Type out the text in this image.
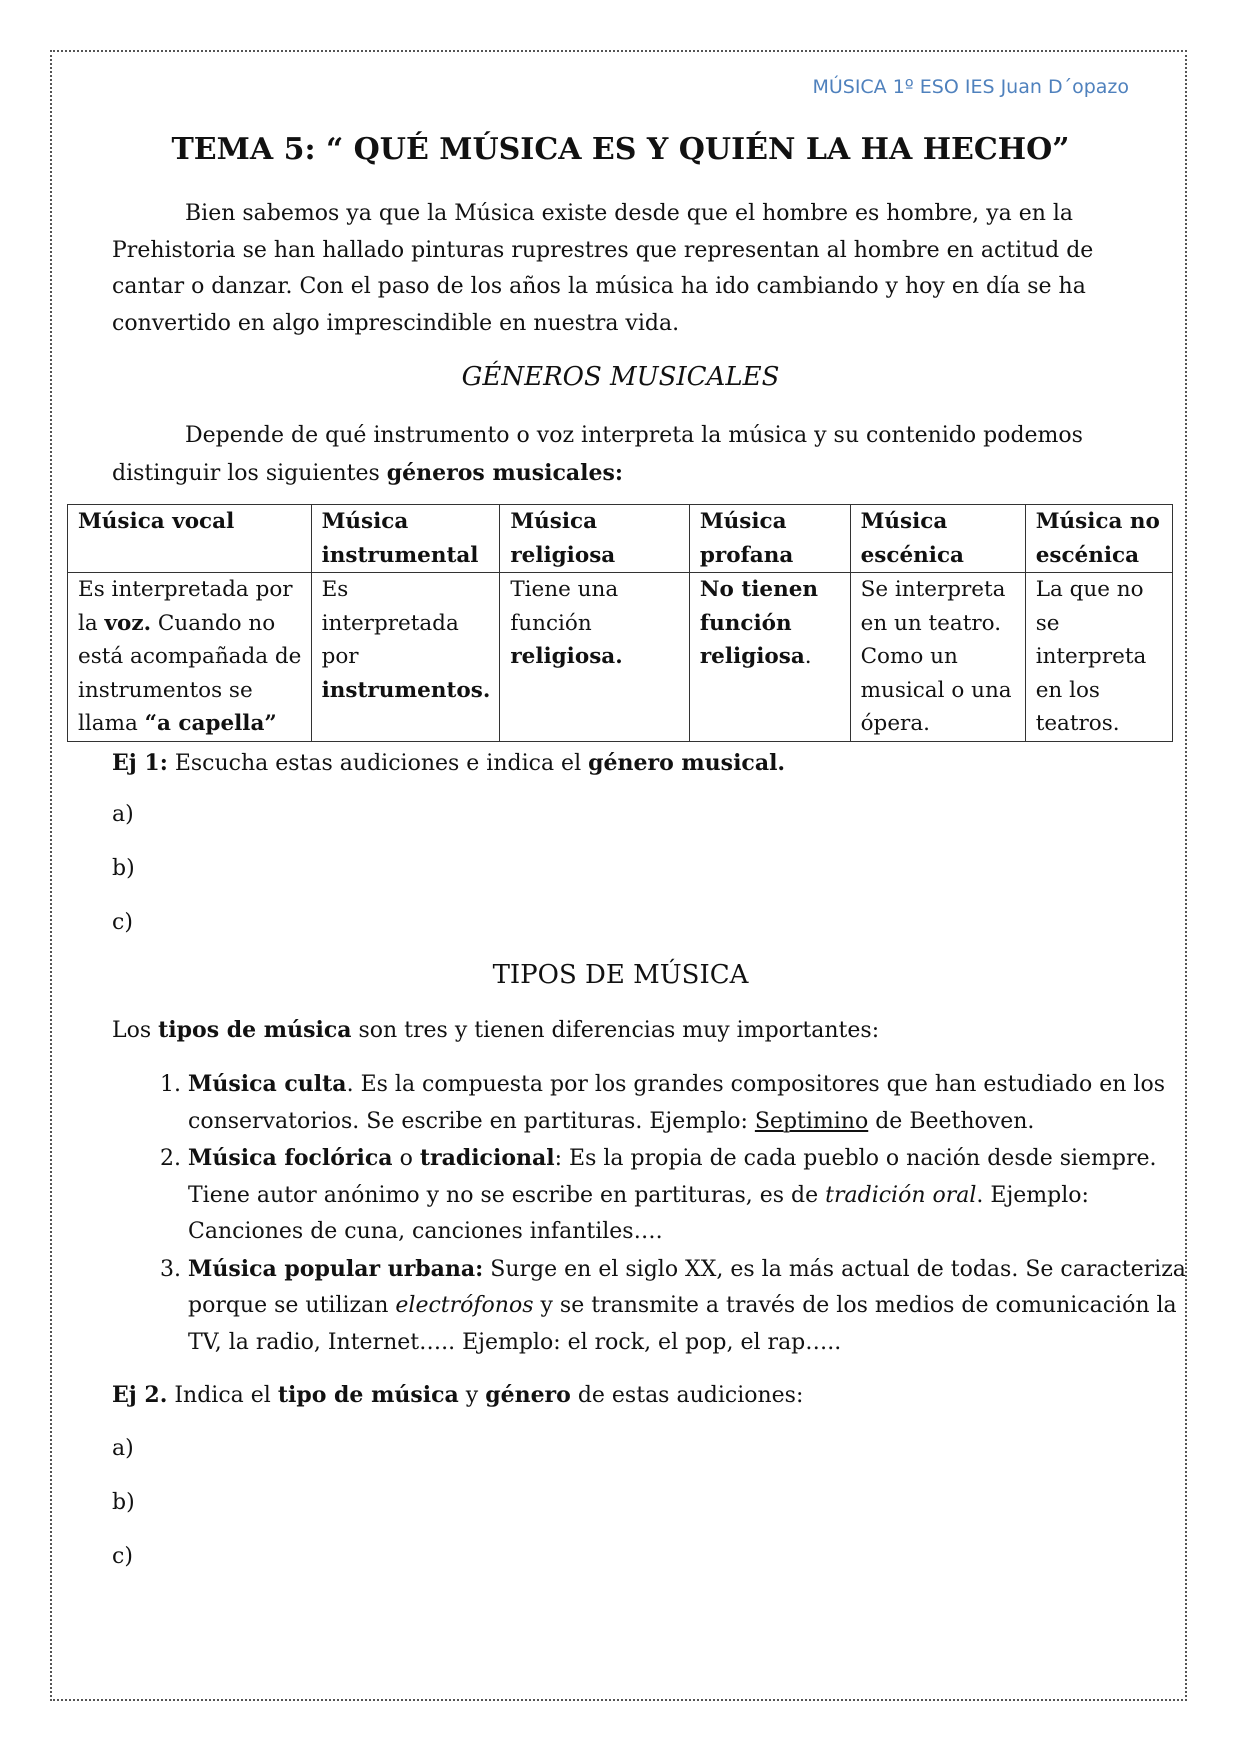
MÚSICA 1º ESO IES Juan D´opazo
TEMA 5: “ QUÉ MÚSICA ES Y QUIÉN LA HA HECHO”
Bien sabemos ya que la Música existe desde que el hombre es hombre, ya en la Prehistoria se han hallado pinturas ruprestres que representan al hombre en actitud de cantar o danzar. Con el paso de los años la música ha ido cambiando y hoy en día se ha convertido en algo imprescindible en nuestra vida.
GÉNEROS MUSICALES
Depende de qué instrumento o voz interpreta la música y su contenido podemos distinguir los siguientes géneros musicales:
Música vocal	Música instrumental	Música religiosa	Música profana	Música escénica	Música no escénica
Es interpretada por la voz. Cuando no está acompañada de instrumentos se llama “a capella”	Es interpretada por instrumentos.	Tiene una función religiosa.	No tienen función religiosa.	Se interpreta en un teatro. Como un musical o una ópera.	La que no se interpreta en los teatros.
Ej 1: Escucha estas audiciones e indica el género musical.
a)
b)
c)
TIPOS DE MÚSICA
Los tipos de música son tres y tienen diferencias muy importantes:
1. Música culta. Es la compuesta por los grandes compositores que han estudiado en los conservatorios. Se escribe en partituras. Ejemplo: Septimino de Beethoven.
2. Música foclórica o tradicional: Es la propia de cada pueblo o nación desde siempre. Tiene autor anónimo y no se escribe en partituras, es de tradición oral. Ejemplo: Canciones de cuna, canciones infantiles….
3. Música popular urbana: Surge en el siglo XX, es la más actual de todas. Se caracteriza porque se utilizan electrófonos y se transmite a través de los medios de comunicación la TV, la radio, Internet….. Ejemplo: el rock, el pop, el rap…..
Ej 2. Indica el tipo de música y género de estas audiciones:
a)
b)
c)
